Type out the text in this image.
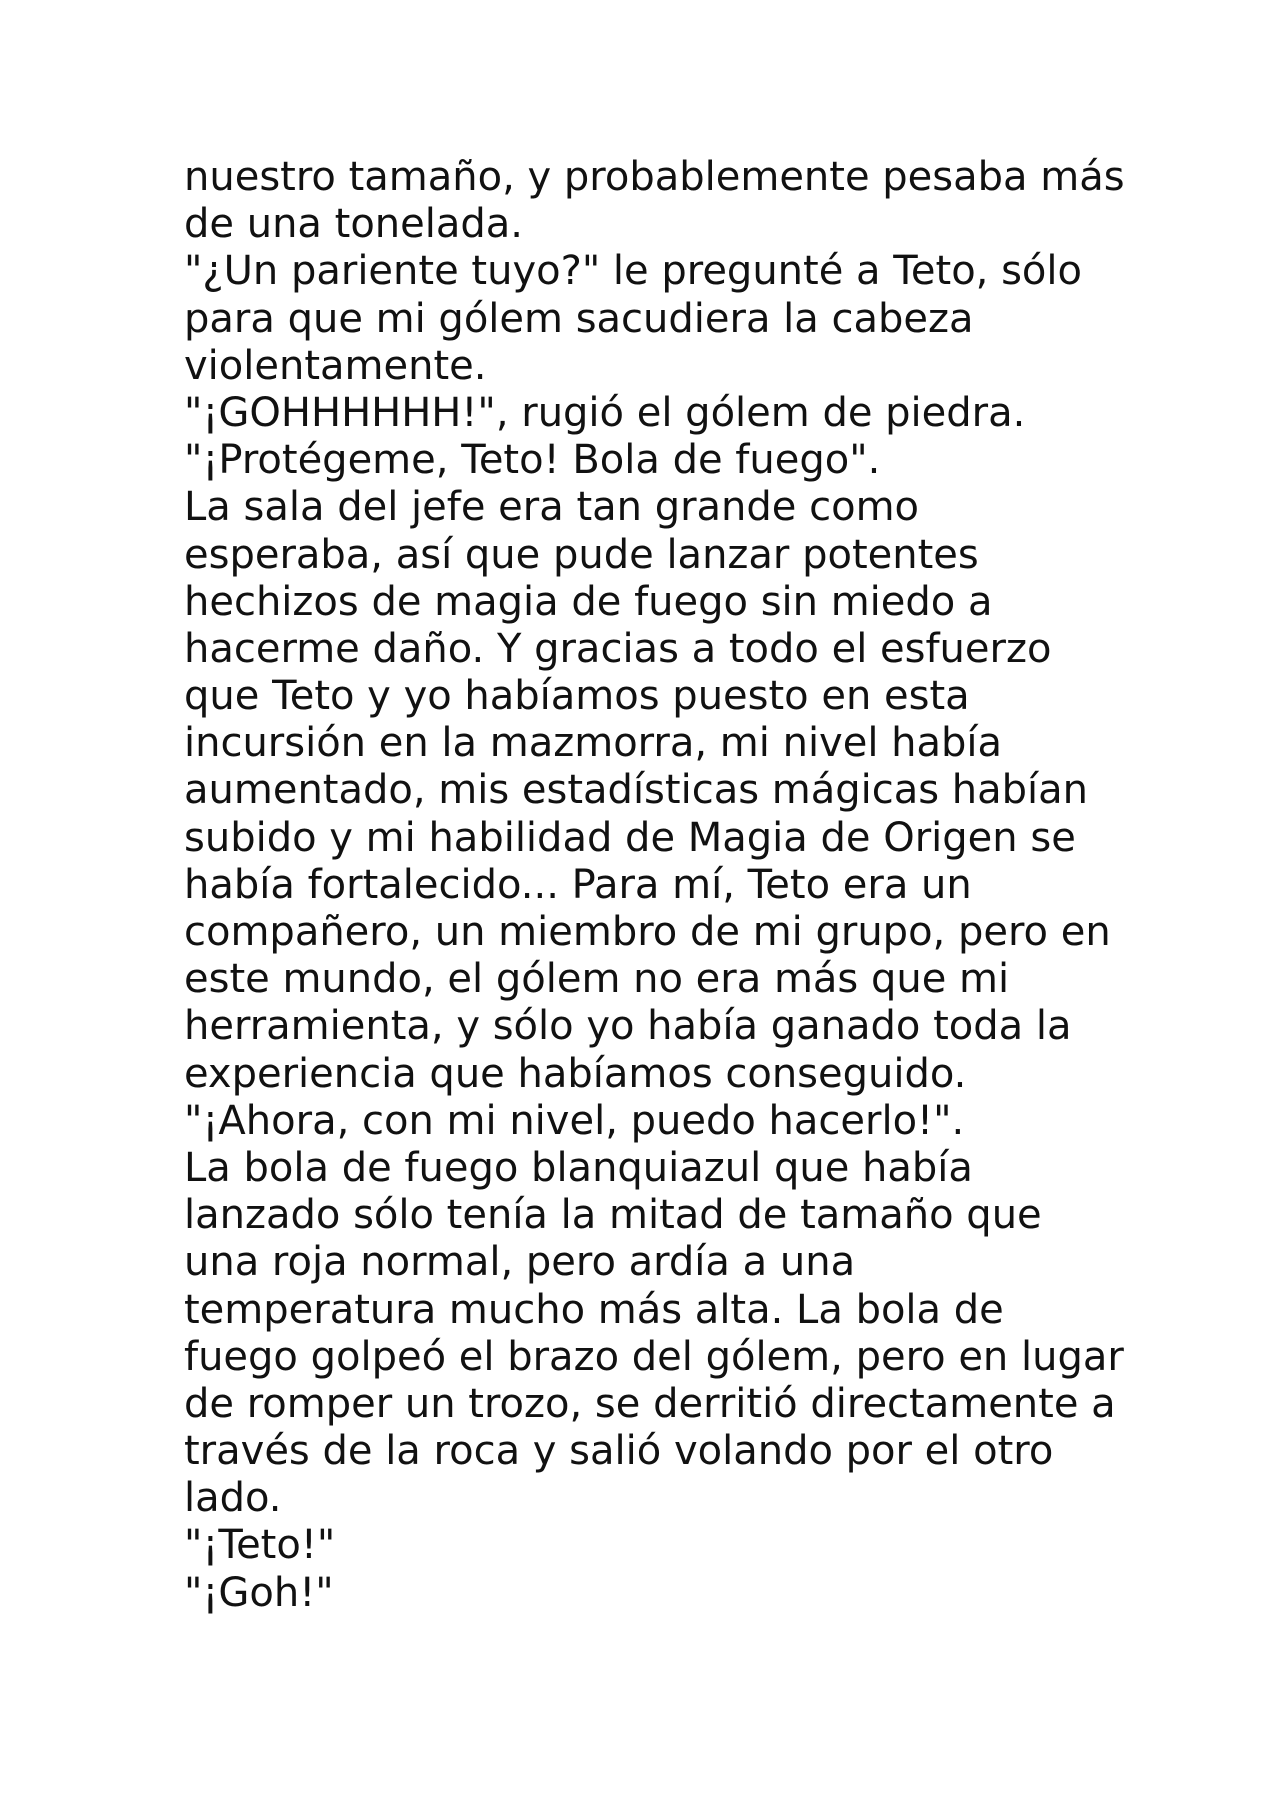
nuestro tamaño, y probablemente pesaba más
de una tonelada.
"¿Un pariente tuyo?" le pregunté a Teto, sólo
para que mi gólem sacudiera la cabeza
violentamente.
"¡GOHHHHHH!", rugió el gólem de piedra.
"¡Protégeme, Teto! Bola de fuego".
La sala del jefe era tan grande como
esperaba, así que pude lanzar potentes
hechizos de magia de fuego sin miedo a
hacerme daño. Y gracias a todo el esfuerzo
que Teto y yo habíamos puesto en esta
incursión en la mazmorra, mi nivel había
aumentado, mis estadísticas mágicas habían
subido y mi habilidad de Magia de Origen se
había fortalecido... Para mí, Teto era un
compañero, un miembro de mi grupo, pero en
este mundo, el gólem no era más que mi
herramienta, y sólo yo había ganado toda la
experiencia que habíamos conseguido.
"¡Ahora, con mi nivel, puedo hacerlo!".
La bola de fuego blanquiazul que había
lanzado sólo tenía la mitad de tamaño que
una roja normal, pero ardía a una
temperatura mucho más alta. La bola de
fuego golpeó el brazo del gólem, pero en lugar
de romper un trozo, se derritió directamente a
través de la roca y salió volando por el otro
lado.
"¡Teto!"
"¡Goh!"
